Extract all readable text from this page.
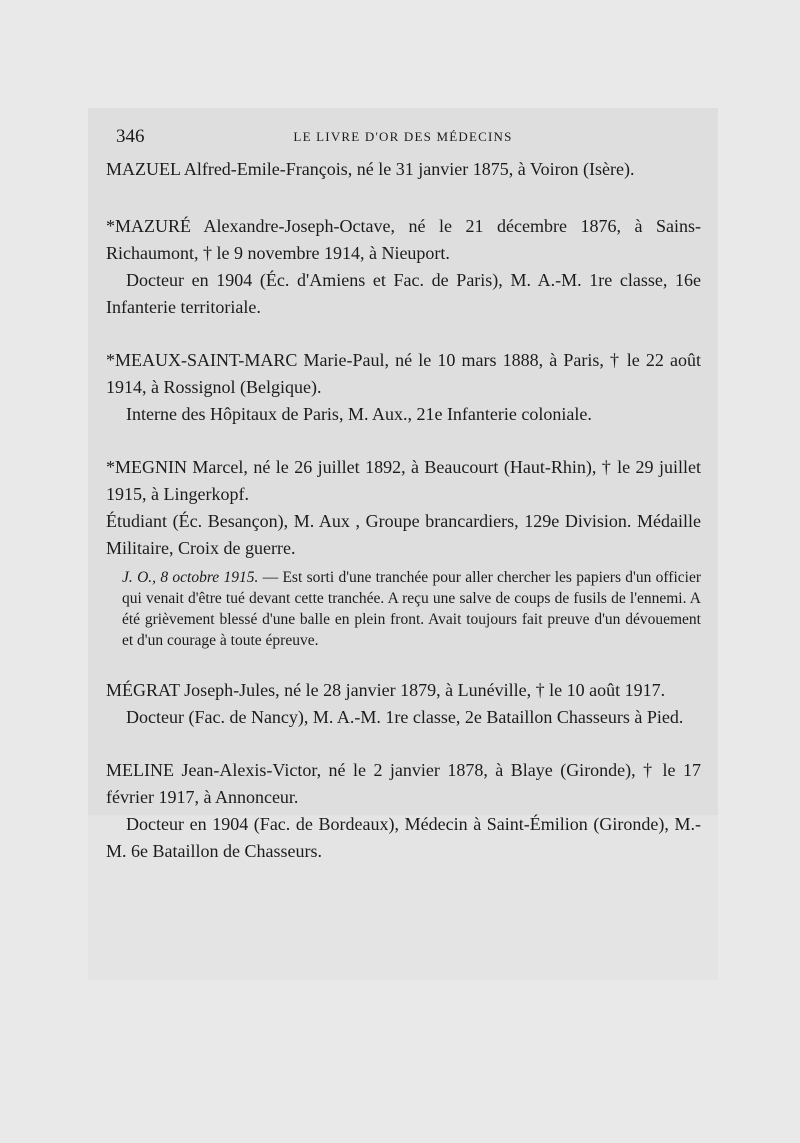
346	LE LIVRE D'OR DES MÉDECINS

MAZUEL Alfred-Emile-François, né le 31 janvier 1875, à Voiron (Isère).

*MAZURÉ Alexandre-Joseph-Octave, né le 21 décembre 1876, à Sains-Richaumont, † le 9 novembre 1914, à Nieuport.

Docteur en 1904 (Éc. d'Amiens et Fac. de Paris), M. A.-M. 1re classe, 16e Infanterie territoriale.

*MEAUX-SAINT-MARC Marie-Paul, né le 10 mars 1888, à Paris, † le 22 août 1914, à Rossignol (Belgique).

Interne des Hôpitaux de Paris, M. Aux., 21e Infanterie coloniale.

*MEGNIN Marcel, né le 26 juillet 1892, à Beaucourt (Haut-Rhin), † le 29 juillet 1915, à Lingerkopf.

Étudiant (Éc. Besançon), M. Aux , Groupe brancardiers, 129e Division. Médaille Militaire, Croix de guerre.

J. O., 8 octobre 1915. — Est sorti d'une tranchée pour aller chercher les papiers d'un officier qui venait d'être tué devant cette tranchée. A reçu une salve de coups de fusils de l'ennemi. A été grièvement blessé d'une balle en plein front. Avait toujours fait preuve d'un dévouement et d'un courage à toute épreuve.

MÉGRAT Joseph-Jules, né le 28 janvier 1879, à Lunéville, † le 10 août 1917.

Docteur (Fac. de Nancy), M. A.-M. 1re classe, 2e Bataillon Chasseurs à Pied.

MELINE Jean-Alexis-Victor, né le 2 janvier 1878, à Blaye (Gironde), † le 17 février 1917, à Annonceur.

Docteur en 1904 (Fac. de Bordeaux), Médecin à Saint-Émilion (Gironde), M.-M. 6e Bataillon de Chasseurs.
